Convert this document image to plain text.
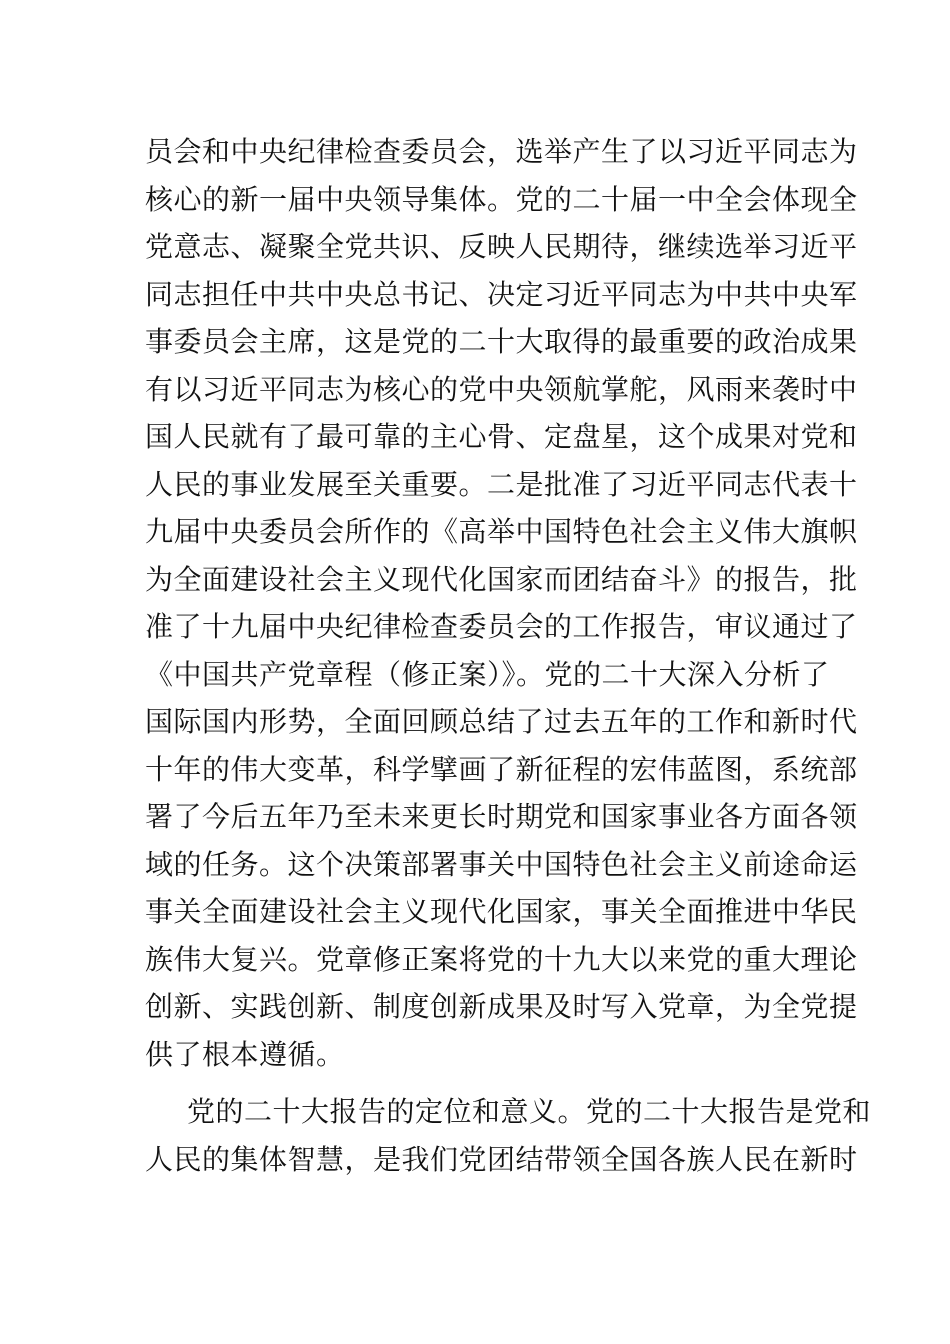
员会和中央纪律检查委员会，选举产生了以习近平同志为
核心的新一届中央领导集体。党的二十届一中全会体现全
党意志、凝聚全党共识、反映人民期待，继续选举习近平
同志担任中共中央总书记、决定习近平同志为中共中央军
事委员会主席，这是党的二十大取得的最重要的政治成果
有以习近平同志为核心的党中央领航掌舵，风雨来袭时中
国人民就有了最可靠的主心骨、定盘星，这个成果对党和
人民的事业发展至关重要。二是批准了习近平同志代表十
九届中央委员会所作的《高举中国特色社会主义伟大旗帜
为全面建设社会主义现代化国家而团结奋斗》的报告，批
准了十九届中央纪律检查委员会的工作报告，审议通过了
《中国共产党章程（修正案）》。党的二十大深入分析了
国际国内形势，全面回顾总结了过去五年的工作和新时代
十年的伟大变革，科学擘画了新征程的宏伟蓝图，系统部
署了今后五年乃至未来更长时期党和国家事业各方面各领
域的任务。这个决策部署事关中国特色社会主义前途命运
事关全面建设社会主义现代化国家，事关全面推进中华民
族伟大复兴。党章修正案将党的十九大以来党的重大理论
创新、实践创新、制度创新成果及时写入党章，为全党提
供了根本遵循。
党的二十大报告的定位和意义。党的二十大报告是党和
人民的集体智慧，是我们党团结带领全国各族人民在新时
